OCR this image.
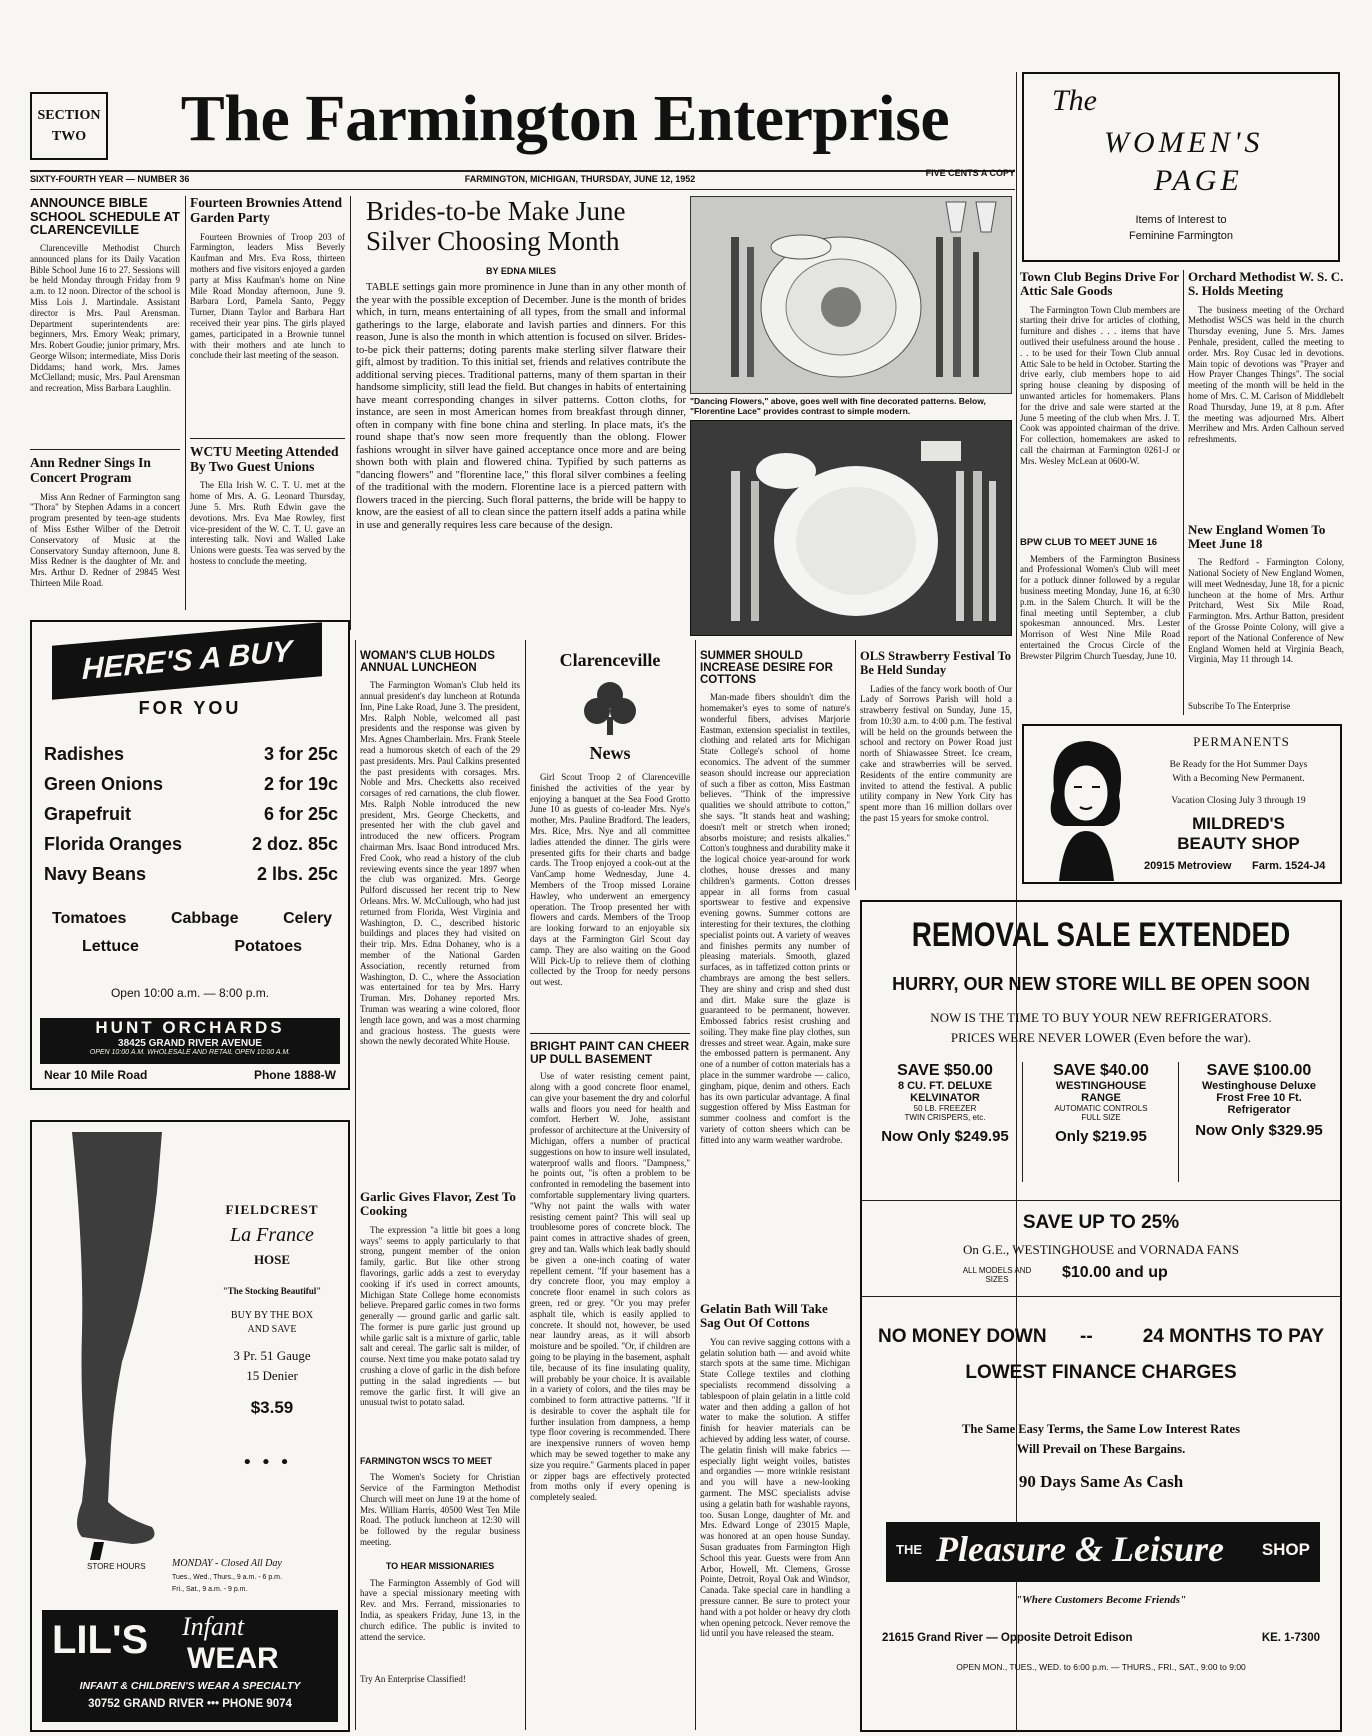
SECTION
TWO The Farmington Enterprise
SIXTY-FOURTH YEAR — NUMBER 36	FARMINGTON, MICHIGAN, THURSDAY, JUNE 12, 1952
FIVE CENTS A COPY
The
WOMEN'S
PAGE
Items of Interest to
Feminine Farmington
ANNOUNCE BIBLE SCHOOL SCHEDULE AT CLARENCEVILLE
Clarenceville Methodist Church announced plans for its Daily Vacation Bible School June 16 to 27. Sessions will be held Monday through Friday from 9 a.m. to 12 noon. Director of the school is Miss Lois J. Martindale. Assistant director is Mrs. Paul Arensman. Department superintendents are: beginners, Mrs. Emory Weak; primary, Mrs. Robert Goudie; junior primary, Mrs. George Wilson; intermediate, Miss Doris Diddams; hand work, Mrs. James McClelland; music, Mrs. Paul Arensman and recreation, Miss Barbara Laughlin.
Ann Redner Sings In Concert Program
Miss Ann Redner of Farmington sang "Thora" by Stephen Adams in a concert program presented by teen-age students of Miss Esther Wilber of the Detroit Conservatory of Music at the Conservatory Sunday afternoon, June 8. Miss Redner is the daughter of Mr. and Mrs. Arthur D. Redner of 29845 West Thirteen Mile Road.
Fourteen Brownies Attend Garden Party
Fourteen Brownies of Troop 203 of Farmington, leaders Miss Beverly Kaufman and Mrs. Eva Ross, thirteen mothers and five visitors enjoyed a garden party at Miss Kaufman's home on Nine Mile Road Monday afternoon, June 9. Barbara Lord, Pamela Santo, Peggy Turner, Diann Taylor and Barbara Hart received their year pins. The girls played games, participated in a Brownie tunnel with their mothers and ate lunch to conclude their last meeting of the season.
WCTU Meeting Attended By Two Guest Unions
The Ella Irish W. C. T. U. met at the home of Mrs. A. G. Leonard Thursday, June 5. Mrs. Ruth Edwin gave the devotions. Mrs. Eva Mae Rowley, first vice-president of the W. C. T. U. gave an interesting talk. Novi and Walled Lake Unions were guests. Tea was served by the hostess to conclude the meeting.
Brides-to-be Make June Silver Choosing Month
BY EDNA MILES
TABLE settings gain more prominence in June than in any other month of the year with the possible exception of December. June is the month of brides which, in turn, means entertaining of all types, from the small and informal gatherings to the large, elaborate and lavish parties and dinners. For this reason, June is also the month in which attention is focused on silver. Brides-to-be pick their patterns; doting parents make sterling silver flatware their gift, almost by tradition. To this initial set, friends and relatives contribute the additional serving pieces. Traditional patterns, many of them spartan in their handsome simplicity, still lead the field. But changes in habits of entertaining have meant corresponding changes in silver patterns. Cotton cloths, for instance, are seen in most American homes from breakfast through dinner, often in company with fine bone china and sterling. In place mats, it's the round shape that's now seen more frequently than the oblong. Flower fashions wrought in silver have gained acceptance once more and are being shown both with plain and flowered china. Typified by such patterns as "dancing flowers" and "florentine lace," this floral silver combines a feeling of the traditional with the modern. Florentine lace is a pierced pattern with flowers traced in the piercing. Such floral patterns, the bride will be happy to know, are the easiest of all to clean since the pattern itself adds a patina while in use and generally requires less care because of the design.
"Dancing Flowers," above, goes well with fine decorated patterns. Below, "Florentine Lace" provides contrast to simple modern.
Town Club Begins Drive For Attic Sale Goods
The Farmington Town Club members are starting their drive for articles of clothing, furniture and dishes . . . items that have outlived their usefulness around the house . . . to be used for their Town Club annual Attic Sale to be held in October. Starting the drive early, club members hope to aid spring house cleaning by disposing of unwanted articles for homemakers. Plans for the drive and sale were started at the June 5 meeting of the club when Mrs. J. T. Cook was appointed chairman of the drive. For collection, homemakers are asked to call the chairman at Farmington 0261-J or Mrs. Wesley McLean at 0600-W.
BPW CLUB TO MEET JUNE 16
Members of the Farmington Business and Professional Women's Club will meet for a potluck dinner followed by a regular business meeting Monday, June 16, at 6:30 p.m. in the Salem Church. It will be the final meeting until September, a club spokesman announced. Mrs. Lester Morrison of West Nine Mile Road entertained the Crocus Circle of the Brewster Pilgrim Church Tuesday, June 10.
Orchard Methodist W. S. C. S. Holds Meeting
The business meeting of the Orchard Methodist WSCS was held in the church Thursday evening, June 5. Mrs. James Penhale, president, called the meeting to order. Mrs. Roy Cusac led in devotions. Main topic of devotions was "Prayer and How Prayer Changes Things". The social meeting of the month will be held in the home of Mrs. C. M. Carlson of Middlebelt Road Thursday, June 19, at 8 p.m. After the meeting was adjourned Mrs. Albert Merrihew and Mrs. Arden Calhoun served refreshments.
New England Women To Meet June 18
The Redford - Farmington Colony, National Society of New England Women, will meet Wednesday, June 18, for a picnic luncheon at the home of Mrs. Arthur Pritchard, West Six Mile Road, Farmington. Mrs. Arthur Batton, president of the Grosse Pointe Colony, will give a report of the National Conference of New England Women held at Virginia Beach, Virginia, May 11 through 14.
Subscribe To The Enterprise
PERMANENTS
Be Ready for the Hot Summer Days
With a Becoming New Permanent.
Vacation Closing July 3 through 19
MILDRED'S
BEAUTY SHOP
20915 Metroview Farm. 1524-J4
HERE'S A BUY
FOR YOU
Radishes	3 for 25c
Green Onions	2 for 19c
Grapefruit	6 for 25c
Florida Oranges	2 doz. 85c
Navy Beans	2 lbs. 25c
Tomatoes	Cabbage	Celery
Lettuce	Potatoes
Open 10:00 a.m. — 8:00 p.m.
HUNT ORCHARDS
38425 GRAND RIVER AVENUE
OPEN 10:00 A.M. WHOLESALE AND RETAIL OPEN 10:00 A.M.
Near 10 Mile Road	Phone 1888-W
FIELDCREST
La France
HOSE
"The Stocking Beautiful"
BUY BY THE BOX
AND SAVE
3 Pr. 51 Gauge
15 Denier
$3.59
•••
STORE HOURS	MONDAY - Closed All Day
Tues., Wed., Thurs., 9 a.m. - 6 p.m.
Fri., Sat., 9 a.m. - 9 p.m.
LIL'S Infant
WEAR
INFANT & CHILDREN'S WEAR A SPECIALTY
30752 GRAND RIVER ••• PHONE 9074
WOMAN'S CLUB HOLDS ANNUAL LUNCHEON
The Farmington Woman's Club held its annual president's day luncheon at Rotunda Inn, Pine Lake Road, June 3. The president, Mrs. Ralph Noble, welcomed all past presidents and the response was given by Mrs. Agnes Chamberlain. Mrs. Frank Steele read a humorous sketch of each of the 29 past presidents. Mrs. Paul Calkins presented the past presidents with corsages. Mrs. Noble and Mrs. Checketts also received corsages of red carnations, the club flower. Mrs. Ralph Noble introduced the new president, Mrs. George Checketts, and presented her with the club gavel and introduced the new officers. Program chairman Mrs. Isaac Bond introduced Mrs. Fred Cook, who read a history of the club reviewing events since the year 1897 when the club was organized. Mrs. George Pulford discussed her recent trip to New Orleans. Mrs. W. McCullough, who had just returned from Florida, West Virginia and Washington, D. C., described historic buildings and places they had visited on their trip. Mrs. Edna Dohaney, who is a member of the National Garden Association, recently returned from Washington, D. C., where the Association was entertained for tea by Mrs. Harry Truman. Mrs. Dohaney reported Mrs. Truman was wearing a wine colored, floor length lace gown, and was a most charming and gracious hostess. The guests were shown the newly decorated White House.
Garlic Gives Flavor, Zest To Cooking
The expression "a little bit goes a long ways" seems to apply particularly to that strong, pungent member of the onion family, garlic. But like other strong flavorings, garlic adds a zest to everyday cooking if it's used in correct amounts, Michigan State College home economists believe. Prepared garlic comes in two forms generally — ground garlic and garlic salt. The former is pure garlic just ground up while garlic salt is a mixture of garlic, table salt and cereal. The garlic salt is milder, of course. Next time you make potato salad try crushing a clove of garlic in the dish before putting in the salad ingredients — but remove the garlic first. It will give an unusual twist to potato salad.
FARMINGTON WSCS TO MEET
The Women's Society for Christian Service of the Farmington Methodist Church will meet on June 19 at the home of Mrs. William Harris, 40500 West Ten Mile Road. The potluck luncheon at 12:30 will be followed by the regular business meeting.
TO HEAR MISSIONARIES
The Farmington Assembly of God will have a special missionary meeting with Rev. and Mrs. Ferrand, missionaries to India, as speakers Friday, June 13, in the church edifice. The public is invited to attend the service.
Try An Enterprise Classified!
Clarenceville
News
Girl Scout Troop 2 of Clarenceville finished the activities of the year by enjoying a banquet at the Sea Food Grotto June 10 as guests of co-leader Mrs. Nye's mother, Mrs. Pauline Bradford. The leaders, Mrs. Rice, Mrs. Nye and all committee ladies attended the dinner. The girls were presented gifts for their charts and badge cards. The Troop enjoyed a cook-out at the VanCamp home Wednesday, June 4. Members of the Troop missed Loraine Hawley, who underwent an emergency operation. The Troop presented her with flowers and cards. Members of the Troop are looking forward to an enjoyable six days at the Farmington Girl Scout day camp. They are also waiting on the Good Will Pick-Up to relieve them of clothing collected by the Troop for needy persons out west.
BRIGHT PAINT CAN CHEER UP DULL BASEMENT
Use of water resisting cement paint, along with a good concrete floor enamel, can give your basement the dry and colorful walls and floors you need for health and comfort. Herbert W. Johe, assistant professor of architecture at the University of Michigan, offers a number of practical suggestions on how to insure well insulated, waterproof walls and floors. "Dampness," he points out, "is often a problem to be confronted in remodeling the basement into comfortable supplementary living quarters. "Why not paint the walls with water resisting cement paint? This will seal up troublesome pores of concrete block. The paint comes in attractive shades of green, grey and tan. Walls which leak badly should be given a one-inch coating of water repellent cement. "If your basement has a dry concrete floor, you may employ a concrete floor enamel in such colors as green, red or grey. "Or you may prefer asphalt tile, which is easily applied to concrete. It should not, however, be used near laundry areas, as it will absorb moisture and be spoiled. "Or, if children are going to be playing in the basement, asphalt tile, because of its fine insulating quality, will probably be your choice. It is available in a variety of colors, and the tiles may be combined to form attractive patterns. "If it is desirable to cover the asphalt tile for further insulation from dampness, a hemp type floor covering is recommended. There are inexpensive runners of woven hemp which may be sewed together to make any size you require." Garments placed in paper or zipper bags are effectively protected from moths only if every opening is completely sealed.
SUMMER SHOULD INCREASE DESIRE FOR COTTONS
Man-made fibers shouldn't dim the homemaker's eyes to some of nature's wonderful fibers, advises Marjorie Eastman, extension specialist in textiles, clothing and related arts for Michigan State College's school of home economics. The advent of the summer season should increase our appreciation of such a fiber as cotton, Miss Eastman believes. "Think of the impressive qualities we should attribute to cotton," she says. "It stands heat and washing; doesn't melt or stretch when ironed; absorbs moisture; and resists alkalies." Cotton's toughness and durability make it the logical choice year-around for work clothes, house dresses and many children's garments. Cotton dresses appear in all forms from casual sportswear to festive and expensive evening gowns. Summer cottons are interesting for their textures, the clothing specialist points out. A variety of weaves and finishes permits any number of pleasing materials. Smooth, glazed surfaces, as in taffetized cotton prints or chambrays are among the best sellers. They are shiny and crisp and shed dust and dirt. Make sure the glaze is guaranteed to be permanent, however. Embossed fabrics resist crushing and soiling. They make fine play clothes, sun dresses and street wear. Again, make sure the embossed pattern is permanent. Any one of a number of cotton materials has a place in the summer wardrobe — calico, gingham, pique, denim and others. Each has its own particular advantage. A final suggestion offered by Miss Eastman for summer coolness and comfort is the variety of cotton sheers which can be fitted into any warm weather wardrobe.
Gelatin Bath Will Take Sag Out Of Cottons
You can revive sagging cottons with a gelatin solution bath — and avoid white starch spots at the same time. Michigan State College textiles and clothing specialists recommend dissolving a tablespoon of plain gelatin in a little cold water and then adding a gallon of hot water to make the solution. A stiffer finish for heavier materials can be achieved by adding less water, of course. The gelatin finish will make fabrics — especially light weight voiles, batistes and organdies — more wrinkle resistant and you will have a new-looking garment. The MSC specialists advise using a gelatin bath for washable rayons, too. Susan Longe, daughter of Mr. and Mrs. Edward Longe of 23015 Maple, was honored at an open house Sunday. Susan graduates from Farmington High School this year. Guests were from Ann Arbor, Howell, Mt. Clemens, Grosse Pointe, Detroit, Royal Oak and Windsor, Canada. Take special care in handling a pressure canner. Be sure to protect your hand with a pot holder or heavy dry cloth when opening petcock. Never remove the lid until you have released the steam.
OLS Strawberry Festival To Be Held Sunday
Ladies of the fancy work booth of Our Lady of Sorrows Parish will hold a strawberry festival on Sunday, June 15, from 10:30 a.m. to 4:00 p.m. The festival will be held on the grounds between the school and rectory on Power Road just north of Shiawassee Street. Ice cream, cake and strawberries will be served. Residents of the entire community are invited to attend the festival. A public utility company in New York City has spent more than 16 million dollars over the past 15 years for smoke control.
REMOVAL SALE EXTENDED
HURRY, OUR NEW STORE WILL BE OPEN SOON
NOW IS THE TIME TO BUY YOUR NEW REFRIGERATORS.
PRICES WERE NEVER LOWER (Even before the war).
SAVE $50.00
8 CU. FT. DELUXE
KELVINATOR
50 LB. FREEZER
TWIN CRISPERS, etc.
Now Only $249.95
SAVE $40.00
WESTINGHOUSE
RANGE
AUTOMATIC CONTROLS
FULL SIZE
Only $219.95
SAVE $100.00
Westinghouse Deluxe
Frost Free 10 Ft.
Refrigerator
Now Only $329.95
SAVE UP TO 25%
On G.E., WESTINGHOUSE and VORNADA FANS
ALL MODELS AND SIZES	$10.00 and up
NO MONEY DOWN --	24 MONTHS TO PAY
LOWEST FINANCE CHARGES
The Same Easy Terms, the Same Low Interest Rates
Will Prevail on These Bargains.
90 Days Same As Cash
THE Pleasure & Leisure SHOP
"Where Customers Become Friends"
21615 Grand River — Opposite Detroit Edison	KE. 1-7300
OPEN MON., TUES., WED. to 6:00 p.m. — THURS., FRI., SAT., 9:00 to 9:00
